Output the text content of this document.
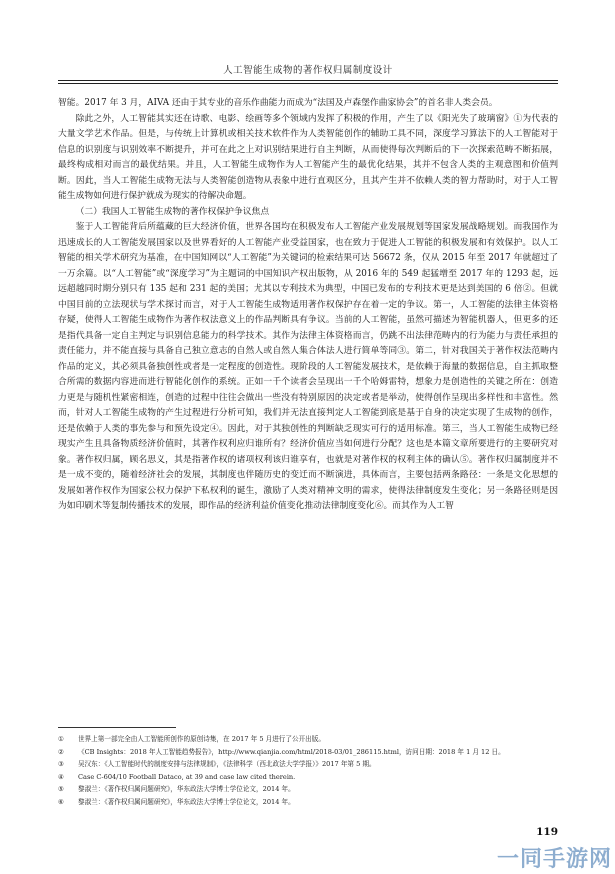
人工智能生成物的著作权归属制度设计

智能。2017 年 3 月，AIVA 还由于其专业的音乐作曲能力而成为“法国及卢森堡作曲家协会”的首名非人类会员。

除此之外，人工智能其实还在诗歌、电影、绘画等多个领域内发挥了积极的作用，产生了以《阳光失了玻璃窗》①为代表的大量文学艺术作品。但是，与传统上计算机或相关技术软件作为人类智能创作的辅助工具不同，深度学习算法下的人工智能对于信息的识别度与识别效率不断提升，并可在此之上对识别结果进行自主判断，从而使得每次判断后的下一次探索范畴不断拓展，最终构成相对而言的最优结果。并且，人工智能生成物作为人工智能产生的最优化结果，其并不包含人类的主观意图和价值判断。因此，当人工智能生成物无法与人类智能创造物从表象中进行直观区分，且其产生并不依赖人类的智力帮助时，对于人工智能生成物如何进行保护就成为现实的待解决命题。

（二）我国人工智能生成物的著作权保护争议焦点

鉴于人工智能背后所蕴藏的巨大经济价值，世界各国均在积极发布人工智能产业发展规划等国家发展战略规划。而我国作为迅速成长的人工智能发展国家以及世界看好的人工智能产业受益国家，也在致力于促进人工智能的积极发展和有效保护。以人工智能的相关学术研究为基准，在中国知网以“人工智能”为关键词的检索结果可达 56672 条，仅从 2015 年至 2017 年就超过了一万余篇。以“人工智能”或“深度学习”为主题词的中国知识产权出版物，从 2016 年的 549 起猛增至 2017 年的 1293 起，远远超越同时期分别只有 135 起和 231 起的美国；尤其以专利技术为典型，中国已发布的专利技术更是达到美国的 6 倍②。但就中国目前的立法现状与学术探讨而言，对于人工智能生成物适用著作权保护存在着一定的争议。第一，人工智能的法律主体资格存疑，使得人工智能生成物作为著作权法意义上的作品判断具有争议。当前的人工智能，虽然可描述为智能机器人，但更多的还是指代具备一定自主判定与识别信息能力的科学技术。其作为法律主体资格而言，仍跳不出法律范畴内的行为能力与责任承担的责任能力，并不能直接与具备自己独立意志的自然人或自然人集合体法人进行简单等同③。第二，针对我国关于著作权法范畴内作品的定义，其必须具备独创性或者是一定程度的创造性。现阶段的人工智能发展技术，是依赖于海量的数据信息，自主抓取整合所需的数据内容进而进行智能化创作的系统。正如一千个读者会呈现出一千个哈姆雷特，想象力是创造性的关键之所在：创造力更是与随机性紧密相连，创造的过程中往往会做出一些没有特别原因的决定或者是举动，使得创作呈现出多样性和丰富性。然而，针对人工智能生成物的产生过程进行分析可知，我们并无法直接判定人工智能到底是基于自身的决定实现了生成物的创作，还是依赖于人类的事先参与和预先设定④。因此，对于其独创性的判断缺乏现实可行的适用标准。第三，当人工智能生成物已经现实产生且具备物质经济价值时，其著作权利应归谁所有？经济价值应当如何进行分配？这也是本篇文章所要进行的主要研究对象。著作权归属，顾名思义，其是指著作权的诸项权利该归谁享有，也就是对著作权的权利主体的确认⑤。著作权归属制度并不是一成不变的，随着经济社会的发展，其制度也伴随历史的变迁而不断演进，具体而言，主要包括两条路径：一条是文化思想的发展如著作权作为国家公权力保护下私权利的诞生，激励了人类对精神文明的需求，使得法律制度发生变化；另一条路径则是因为如印刷术等复制传播技术的发展，即作品的经济利益价值变化推动法律制度变化⑥。而其作为人工智

①	世界上第一部完全由人工智能所创作的原创诗集，在 2017 年 5 月进行了公开出版。
②	《CB Insights：2018 年人工智能趋势报告》，http://www.qianjia.com/html/2018-03/01_286115.html，访问日期：2018 年 1 月 12 日。
③	吴汉东：《人工智能时代的制度安排与法律规制》，《法律科学（西北政法大学学报）》2017 年第 5 期。
④	Case C-604/10 Football Dataco, at 39 and case law cited therein.
⑤	黎淑兰：《著作权归属问题研究》，华东政法大学博士学位论文，2014 年。
⑥	黎淑兰：《著作权归属问题研究》，华东政法大学博士学位论文，2014 年。
119
一同手游网
